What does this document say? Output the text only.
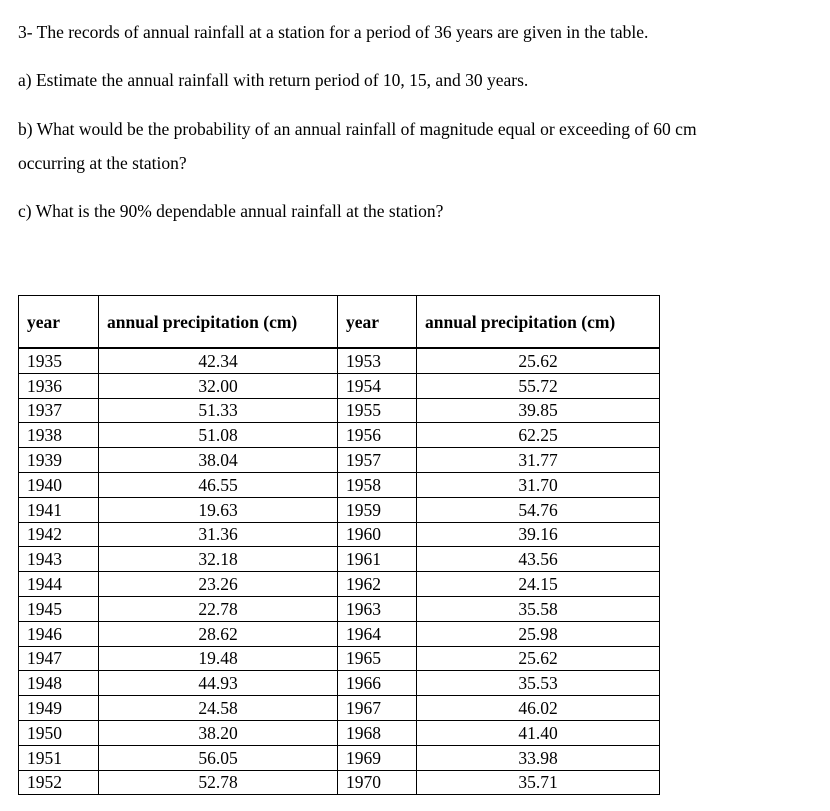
3- The records of annual rainfall at a station for a period of 36 years are given in the table.
a) Estimate the annual rainfall with return period of 10, 15, and 30 years.
b) What would be the probability of an annual rainfall of magnitude equal or exceeding of 60 cm
occurring at the station?
c) What is the 90% dependable annual rainfall at the station?
year	annual precipitation (cm)	year	annual precipitation (cm)
1935	42.34	1953	25.62
1936	32.00	1954	55.72
1937	51.33	1955	39.85
1938	51.08	1956	62.25
1939	38.04	1957	31.77
1940	46.55	1958	31.70
1941	19.63	1959	54.76
1942	31.36	1960	39.16
1943	32.18	1961	43.56
1944	23.26	1962	24.15
1945	22.78	1963	35.58
1946	28.62	1964	25.98
1947	19.48	1965	25.62
1948	44.93	1966	35.53
1949	24.58	1967	46.02
1950	38.20	1968	41.40
1951	56.05	1969	33.98
1952	52.78	1970	35.71
